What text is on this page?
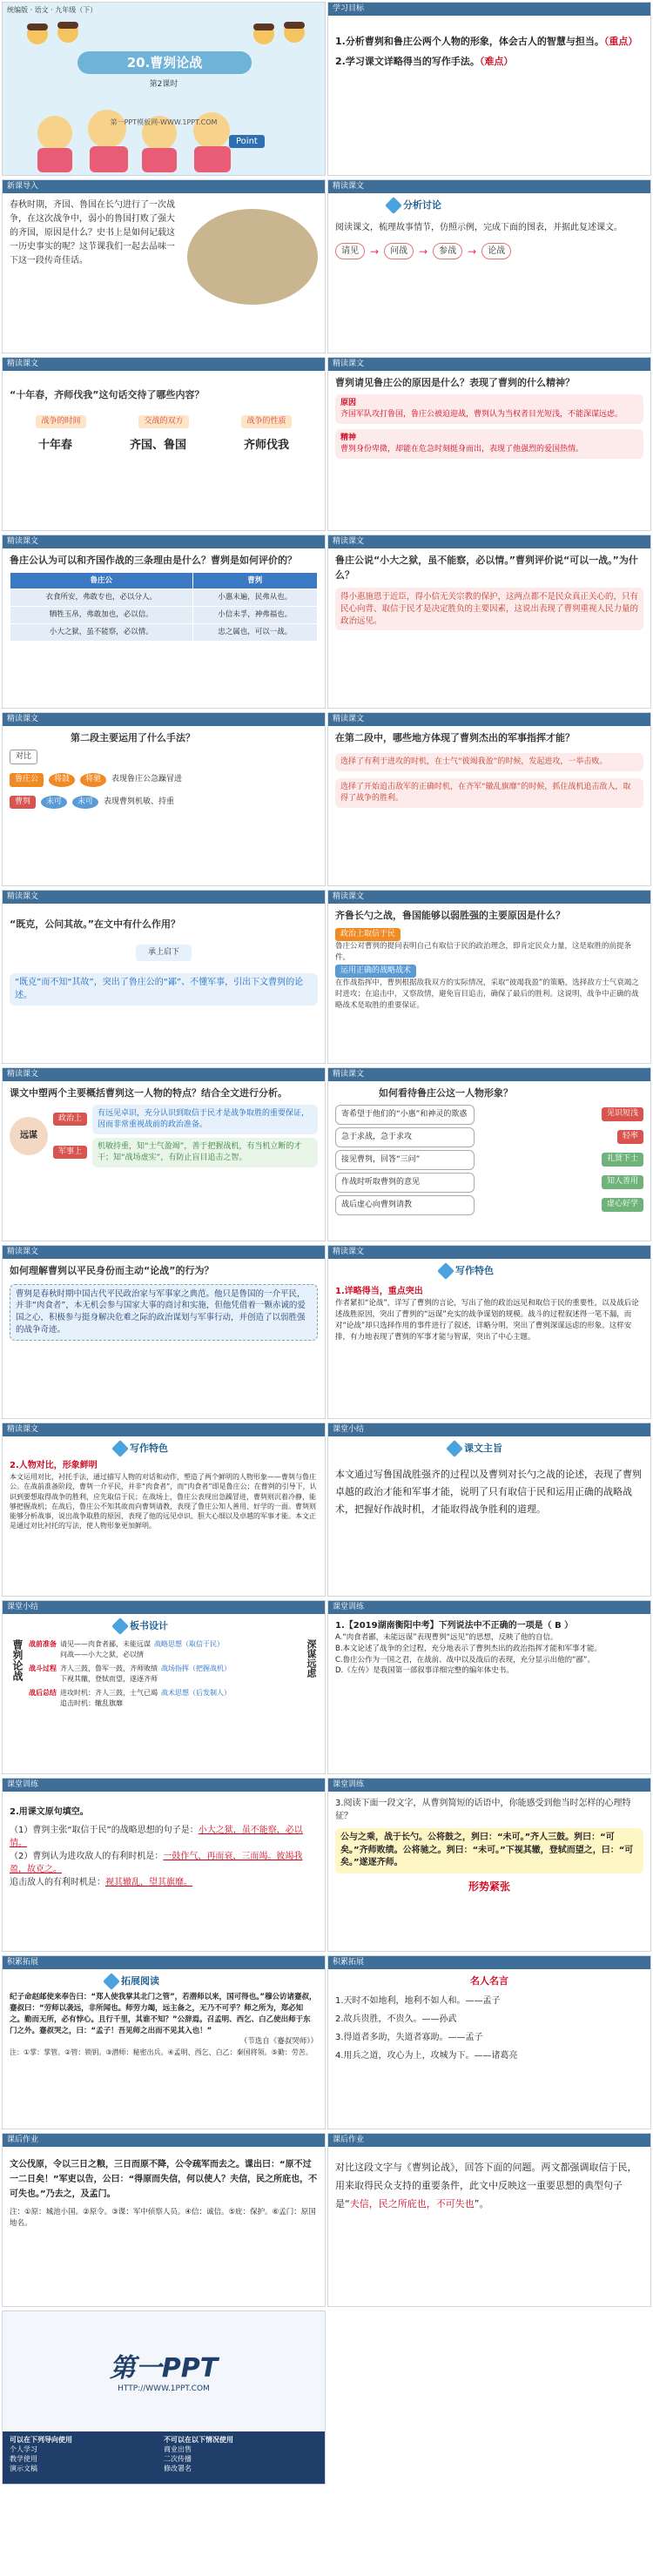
统编版 · 语文 · 九年级（下）
20.曹刿论战
第2课时
Point
第一PPT模板网-WWW.1PPT.COM
学习目标

1.分析曹刿和鲁庄公两个人物的形象，体会古人的智慧与担当。（重点）

2.学习课文详略得当的写作手法。（难点）

新课导入

春秋时期，齐国、鲁国在长勺进行了一次战争，在这次战争中，弱小的鲁国打败了强大的齐国，原因是什么？史书上是如何记载这一历史事实的呢？这节课我们一起去品味一下这一段传奇佳话。

精读课文
分析讨论

阅读课文，梳理故事情节，仿照示例，完成下面的图表，并据此复述课文。

请见	→	问战	→	参战	→	论战
精读课文

“十年春，齐师伐我”这句话交待了哪些内容？

战争的时间	交战的双方	战争的性质
十年春	齐国、鲁国	齐师伐我
精读课文

曹刿请见鲁庄公的原因是什么？表现了曹刿的什么精神？

原因
齐国军队攻打鲁国，鲁庄公被迫迎战，曹刿认为当权者目光短浅，不能深谋远虑。
精神
曹刿身份卑微，却能在危急时刻挺身而出，表现了他强烈的爱国热情。
精读课文

鲁庄公认为可以和齐国作战的三条理由是什么？曹刿是如何评价的？

鲁庄公	曹刿
衣食所安，弗敢专也，必以分人。	小惠未遍，民弗从也。
牺牲玉帛，弗敢加也，必以信。	小信未孚，神弗福也。
小大之狱，虽不能察，必以情。	忠之属也，可以一战。
精读课文

鲁庄公说“小大之狱，虽不能察，必以情。”曹刿评价说“可以一战。”为什么？

得小惠施恩于近臣，得小信无关宗教的保护，这两点都不是民众真正关心的，只有民心向背、取信于民才是决定胜负的主要因素，这说出表现了曹刿重视人民力量的政治远见。
精读课文

第二段主要运用了什么手法？

对比
鲁庄公	将鼓	将驰	表现鲁庄公急躁冒进
曹刿	未可	未可	表现曹刿机敏、持重
精读课文

在第二段中，哪些地方体现了曹刿杰出的军事指挥才能？

选择了有利于进攻的时机，在士气“彼竭我盈”的时候，发起进攻，一举击败。
选择了开始追击敌军的正确时机，在齐军“辙乱旗靡”的时候，抓住战机追击敌人，取得了战争的胜利。
精读课文

“既克，公问其故。”在文中有什么作用？

承上启下
“既克”而不知“其故”，突出了鲁庄公的“鄙”、不懂军事，引出下文曹刿的论述。
精读课文

齐鲁长勺之战，鲁国能够以弱胜强的主要原因是什么？

政治上取信于民

鲁庄公对曹刿的提问表明自己有取信于民的政治理念，即肯定民众力量，这是取胜的前提条件。

运用正确的战略战术

在作战指挥中，曹刿根据敌我双方的实际情况，采取“彼竭我盈”的策略，选择敌方士气衰竭之时进攻；在追击中，又察敌情，避免盲目追击，确保了最后的胜利。这说明，战争中正确的战略战术是取胜的重要保证。

精读课文

课文中塑两个主要概括曹刿这一人物的特点？结合全文进行分析。

远谋
政治上
有远见卓识，充分认识到取信于民才是战争取胜的重要保证，因而非常重视战前的政治准备。
军事上
机敏持重，知“士气盈竭”，善于把握战机，有当机立断的才干；知“战场虚实”，有防止盲目追击之智。
精读课文

如何看待鲁庄公这一人物形象？

寄希望于他们的“小惠”和神灵的欺惑	见识短浅
急于求战，急于求攻	轻率
接见曹刿，回答“三问”	礼贤下士
作战时听取曹刿的意见	知人善用
战后虚心向曹刿请教	虚心好学
精读课文

如何理解曹刿以平民身份而主动“论战”的行为？

曹刿是春秋时期中国古代平民政治家与军事家之典范。他只是鲁国的一介平民，并非“肉食者”，本无机会参与国家大事的商讨和实施，但他凭借着一颗赤诚的爱国之心，积极参与挺身解决危难之际的政治谋划与军事行动，并创造了以弱胜强的战争奇迹。
精读课文
写作特色

1.详略得当，重点突出

作者紧扣“论战”，详写了曹刿的言论，写出了他的政治远见和取信于民的重要性，以及战后论述战胜原因，突出了曹刿的“远谋”充实的战争谋划的规模。战斗的过程叙述得一笔不漏，而对“论战”却只选择作用的事件进行了叙述，详略分明，突出了曹刿深谋远虑的形象。这样安排，有力地表现了曹刿的军事才能与智谋，突出了中心主题。

精读课文
写作特色

2.人物对比，形象鲜明

本文运用对比，衬托手法，通过描写人物的对话和动作，塑造了两个鲜明的人物形象——曹刿与鲁庄公。在战前准备阶段，曹刿一介平民，并非“肉食者”，而“肉食者”即是鲁庄公；在曹刿的引导下，认识到要想取得战争的胜利，应先取信于民；在战场上，鲁庄公表现出急躁冒进，曹刿则沉着冷静，能够把握战机；在战后，鲁庄公不知其故而向曹刿请教，表现了鲁庄公知人善用、好学的一面。曹刿则能够分析战事，说出战争取胜的原因，表现了他的远见卓识、胆大心细以及卓越的军事才能。本文正是通过对比衬托的写法，使人物形象更加鲜明。

课堂小结
课文主旨

本文通过写鲁国战胜强齐的过程以及曹刿对长勺之战的论述，表现了曹刿卓越的政治才能和军事才能，说明了只有取信于民和运用正确的战略战术，把握好作战时机，才能取得战争胜利的道理。

课堂小结
板书设计
曹刿论战 战前准备 请见——肉食者鄙，未能远谋
问战——小大之狱，必以情
战略思想（取信于民）
战斗过程 齐人三鼓，鲁军一鼓，齐师败绩
下视其辙，登轼而望，遂逐齐师
战场指挥（把握战机）
战后总结 进攻时机：齐人三鼓，士气已竭
追击时机：辙乱旗靡
战术思想（后发制人）
深谋远虑
课堂训练

1.【2019湖南衡阳中考】下列说法中不正确的一项是（ B ）

A.“肉食者鄙，未能远谋”表现曹刿“远见”的思想，反映了他的自信。

B.本文论述了战争的全过程，充分地表示了曹刿杰出的政治指挥才能和军事才能。

C.鲁庄公作为一国之君，在战前、战中以及战后的表现，充分显示出他的“鄙”。

D.《左传》是我国第一部叙事详细完整的编年体史书。

课堂训练

2.用课文原句填空。

（1）曹刿主张“取信于民”的战略思想的句子是：小大之狱，虽不能察，必以情。

（2）曹刿认为进攻敌人的有利时机是：一鼓作气，再而衰，三而竭。彼竭我盈，故克之。

追击敌人的有利时机是：视其辙乱，望其旗靡。

课堂训练

3.阅读下面一段文字，从曹刿简短的话语中，你能感受到他当时怎样的心理特征？

公与之乘，战于长勺。公将鼓之，刿曰：“未可。”齐人三鼓。刿曰：“可矣。”齐师败绩。公将驰之。刿曰：“未可。”下视其辙，登轼而望之，曰：“可矣。”遂逐齐师。

形势紧张

积累拓展
拓展阅读

纪子命赵邮使来奉告曰：“郑人使我掌其北门之管”，若潜师以来，国可得也。”穆公访诸蹇叔，蹇叔曰：“劳师以袭远，非所闻也。师劳力竭，远主备之，无乃不可乎？师之所为，郑必知之。勤而无所，必有悖心。且行千里，其谁不知？”公辞焉。召孟明、西乞、白乙使出师于东门之外。蹇叔哭之，曰：“孟子！吾见师之出而不见其入也！”

（节选自《蹇叔哭师》）

注：①掌：掌管。②管：锁钥。③潜师：秘密出兵。④孟明、西乞、白乙：秦国将领。⑤勤：劳苦。

积累拓展

名人名言

1.天时不如地利，地利不如人和。——孟子

2.故兵贵胜，不贵久。——孙武

3.得道者多助，失道者寡助。——孟子

4.用兵之道，攻心为上，攻城为下。——诸葛亮

课后作业

文公伐原，令以三日之粮，三日而原不降，公令疏军而去之。谍出曰：“原不过一二日矣！”军吏以告，公曰：“得原而失信，何以使人？夫信，民之所庇也，不可失也。”乃去之，及孟门。

注：①原：城池小国。②原令。③谍：军中侦察人员。④信：诚信。⑤庇：保护。⑥孟门：原国地名。

课后作业
对比这段文字与《曹刿论战》，回答下面的问题。两文都强调取信于民，用来取得民众支持的重要条件，此文中反映这一重要思想的典型句子是“夫信，民之所庇也，不可失也”。
第一PPT
HTTP://WWW.1PPT.COM
可以在下列导向使用
个人学习
教学使用
演示文稿
不可以在以下情况使用
商业出售
二次传播
修改署名
